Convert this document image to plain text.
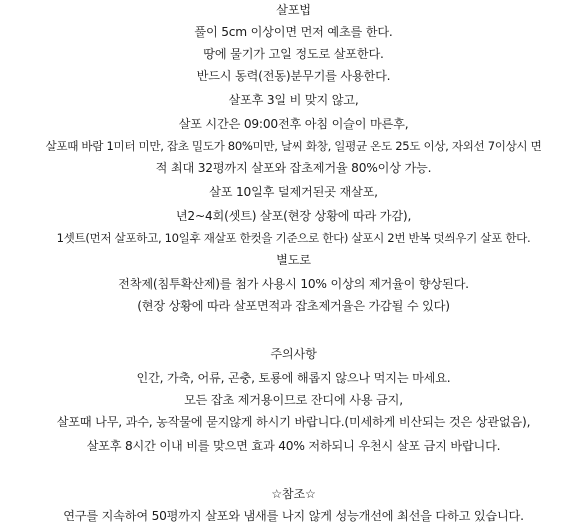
살포법
풀이 5cm 이상이면 먼저 예초를 한다.
땅에 물기가 고일 정도로 살포한다.
반드시 동력(전동)분무기를 사용한다.
살포후 3일 비 맞지 않고,
살포 시간은 09:00전후 아침 이슬이 마른후,
살포때 바람 1미터 미만, 잡초 밀도가 80%미만, 날씨 화창, 일평균 온도 25도 이상, 자외선 7이상시 면
적 최대 32평까지 살포와 잡초제거율 80%이상 가능.
살포 10일후 덜제거된곳 재살포,
년2~4회(셋트) 살포(현장 상황에 따라 가감),
1셋트(먼저 살포하고, 10일후 재살포 한컷을 기준으로 한다) 살포시 2번 반복 덧씌우기 살포 한다.
별도로
전착제(침투확산제)를 첨가 사용시 10% 이상의 제거율이 향상된다.
(현장 상황에 따라 살포면적과 잡초제거율은 가감될 수 있다)
주의사항
인간, 가축, 어류, 곤충, 토룡에 해롭지 않으나 먹지는 마세요.
모든 잡초 제거용이므로 잔디에 사용 금지,
살포때 나무, 과수, 농작물에 묻지않게 하시기 바랍니다.(미세하게 비산되는 것은 상관없음),
살포후 8시간 이내 비를 맞으면 효과 40% 저하되니 우천시 살포 금지 바랍니다.
☆참조☆
연구를 지속하여 50평까지 살포와 냄새를 나지 않게 성능개선에 최선을 다하고 있습니다.
